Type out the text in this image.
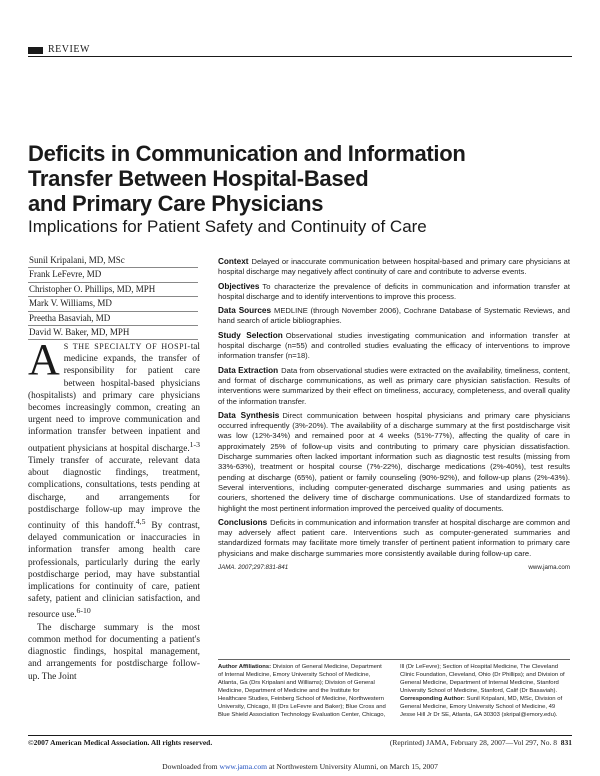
REVIEW
Deficits in Communication and Information
Transfer Between Hospital-Based
and Primary Care Physicians
Implications for Patient Safety and Continuity of Care
Sunil Kripalani, MD, MSc
Frank LeFevre, MD
Christopher O. Phillips, MD, MPH
Mark V. Williams, MD
Preetha Basaviah, MD
David W. Baker, MD, MPH
A S THE SPECIALTY OF HOSPI-tal medicine expands, the transfer of responsibility for patient care between hospital-based physicians (hospitalists) and primary care physicians becomes increasingly common, creating an urgent need to improve communication and information transfer between inpatient and outpatient physicians at hospital discharge.$^{1-3}$ Timely transfer of accurate, relevant data about diagnostic findings, treatment, complications, consultations, tests pending at discharge, and arrangements for postdischarge follow-up may improve the continuity of this handoff.$^{4,5}$ By contrast, delayed communication or inaccuracies in information transfer among health care professionals, particularly during the early postdischarge period, may have substantial implications for continuity of care, patient safety, patient and clinician satisfaction, and resource use.$^{6-10}$
The discharge summary is the most common method for documenting a patient's diagnostic findings, hospital management, and arrangements for postdischarge follow-up. The Joint
Context Delayed or inaccurate communication between hospital-based and primary care physicians at hospital discharge may negatively affect continuity of care and contribute to adverse events.
Objectives To characterize the prevalence of deficits in communication and information transfer at hospital discharge and to identify interventions to improve this process.
Data Sources MEDLINE (through November 2006), Cochrane Database of Systematic Reviews, and hand search of article bibliographies.
Study Selection Observational studies investigating communication and information transfer at hospital discharge (n=55) and controlled studies evaluating the efficacy of interventions to improve information transfer (n=18).
Data Extraction Data from observational studies were extracted on the availability, timeliness, content, and format of discharge communications, as well as primary care physician satisfaction. Results of interventions were summarized by their effect on timeliness, accuracy, completeness, and overall quality of the information transfer.
Data Synthesis Direct communication between hospital physicians and primary care physicians occurred infrequently (3%-20%). The availability of a discharge summary at the first postdischarge visit was low (12%-34%) and remained poor at 4 weeks (51%-77%), affecting the quality of care in approximately 25% of follow-up visits and contributing to primary care physician dissatisfaction. Discharge summaries often lacked important information such as diagnostic test results (missing from 33%-63%), treatment or hospital course (7%-22%), discharge medications (2%-40%), test results pending at discharge (65%), patient or family counseling (90%-92%), and follow-up plans (2%-43%). Several interventions, including computer-generated discharge summaries and using patients as couriers, shortened the delivery time of discharge communications. Use of standardized formats to highlight the most pertinent information improved the perceived quality of documents.
Conclusions Deficits in communication and information transfer at hospital discharge are common and may adversely affect patient care. Interventions such as computer-generated summaries and standardized formats may facilitate more timely transfer of pertinent patient information to primary care physicians and make discharge summaries more consistently available during follow-up care.
JAMA. 2007;297:831-841	www.jama.com
Author Affiliations: Division of General Medicine, Department of Internal Medicine, Emory University School of Medicine, Atlanta, Ga (Drs Kripalani and Williams); Division of General Medicine, Department of Medicine and the Institute for Healthcare Studies, Feinberg School of Medicine, Northwestern University, Chicago, Ill (Drs LeFevre and Baker); Blue Cross and Blue Shield Association Technology Evaluation Center, Chicago, Ill (Dr LeFevre); Section of Hospital Medicine, The Cleveland Clinic Foundation, Cleveland, Ohio (Dr Phillips); and Division of General Medicine, Department of Internal Medicine, Stanford University School of Medicine, Stanford, Calif (Dr Basaviah).
Corresponding Author: Sunil Kripalani, MD, MSc, Division of General Medicine, Emory University School of Medicine, 49 Jesse Hill Jr Dr SE, Atlanta, GA 30303 (skripal@emory.edu).
©2007 American Medical Association. All rights reserved.	(Reprinted) JAMA, February 28, 2007—Vol 297, No. 8 831
Downloaded from www.jama.com at Northwestern University Alumni, on March 15, 2007
